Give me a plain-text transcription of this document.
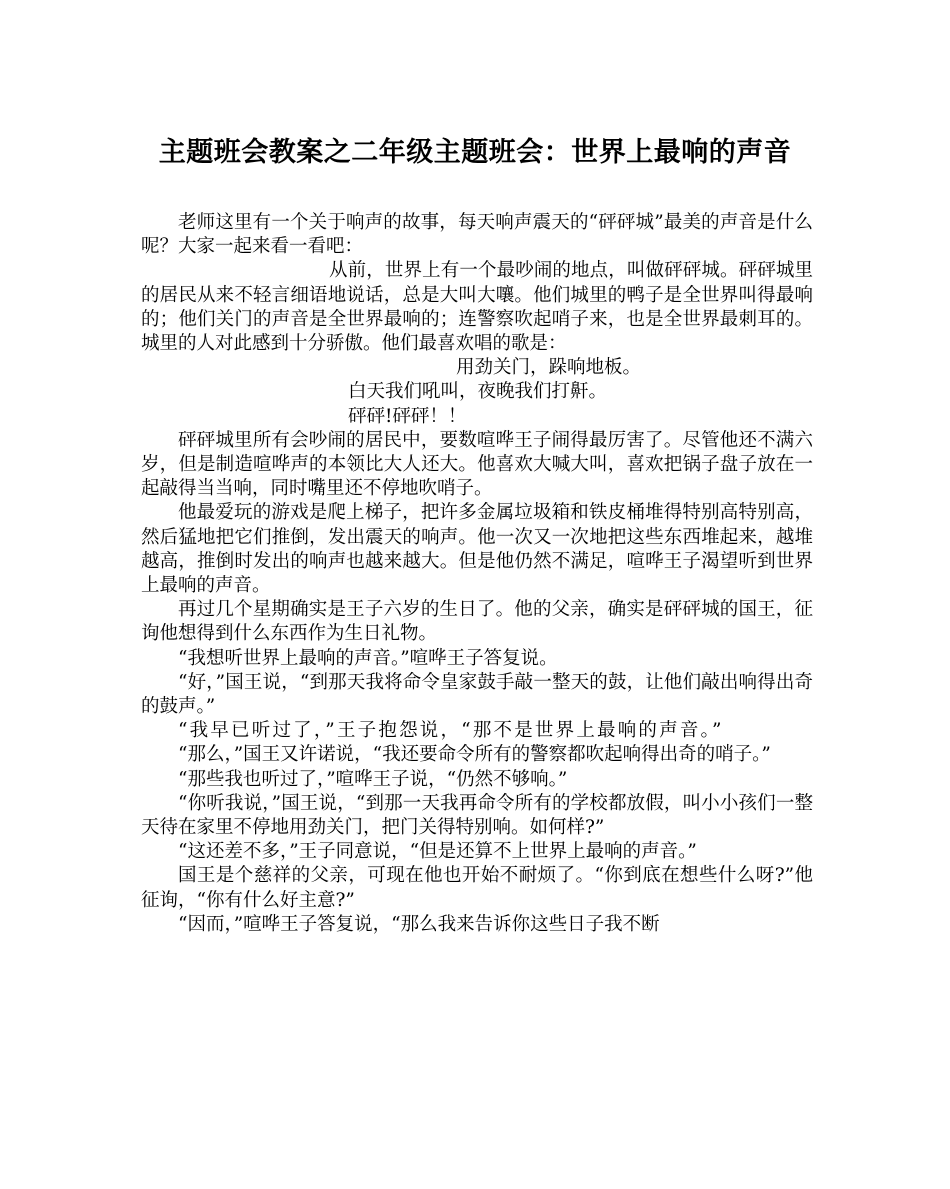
主题班会教案之二年级主题班会：世界上最响的声音

老师这里有一个关于响声的故事，每天响声震天的“砰砰城”最美的声音是什么呢？大家一起来看一看吧：

从前，世界上有一个最吵闹的地点，叫做砰砰城。砰砰城里的居民从来不轻言细语地说话，总是大叫大嚷。他们城里的鸭子是全世界叫得最响的；他们关门的声音是全世界最响的；连警察吹起哨子来，也是全世界最刺耳的。城里的人对此感到十分骄傲。他们最喜欢唱的歌是：

用劲关门，跺响地板。

白天我们吼叫，夜晚我们打鼾。

砰砰!砰砰！！

砰砰城里所有会吵闹的居民中，要数喧哗王子闹得最厉害了。尽管他还不满六岁，但是制造喧哗声的本领比大人还大。他喜欢大喊大叫，喜欢把锅子盘子放在一起敲得当当响，同时嘴里还不停地吹哨子。

他最爱玩的游戏是爬上梯子，把许多金属垃圾箱和铁皮桶堆得特别高特别高，然后猛地把它们推倒，发出震天的响声。他一次又一次地把这些东西堆起来，越堆越高，推倒时发出的响声也越来越大。但是他仍然不满足，喧哗王子渴望听到世界上最响的声音。

再过几个星期确实是王子六岁的生日了。他的父亲，确实是砰砰城的国王，征询他想得到什么东西作为生日礼物。

“我想听世界上最响的声音。”喧哗王子答复说。

“好，”国王说，“到那天我将命令皇家鼓手敲一整天的鼓，让他们敲出响得出奇的鼓声。”

“我早已听过了，”王子抱怨说，“那不是世界上最响的声音。”

“那么，”国王又许诺说，“我还要命令所有的警察都吹起响得出奇的哨子。”

“那些我也听过了，”喧哗王子说，“仍然不够响。”

“你听我说，”国王说，“到那一天我再命令所有的学校都放假，叫小小孩们一整天待在家里不停地用劲关门，把门关得特别响。如何样?”

“这还差不多，”王子同意说，“但是还算不上世界上最响的声音。”

国王是个慈祥的父亲，可现在他也开始不耐烦了。“你到底在想些什么呀?”他征询，“你有什么好主意?”

“因而，”喧哗王子答复说，“那么我来告诉你这些日子我不断
